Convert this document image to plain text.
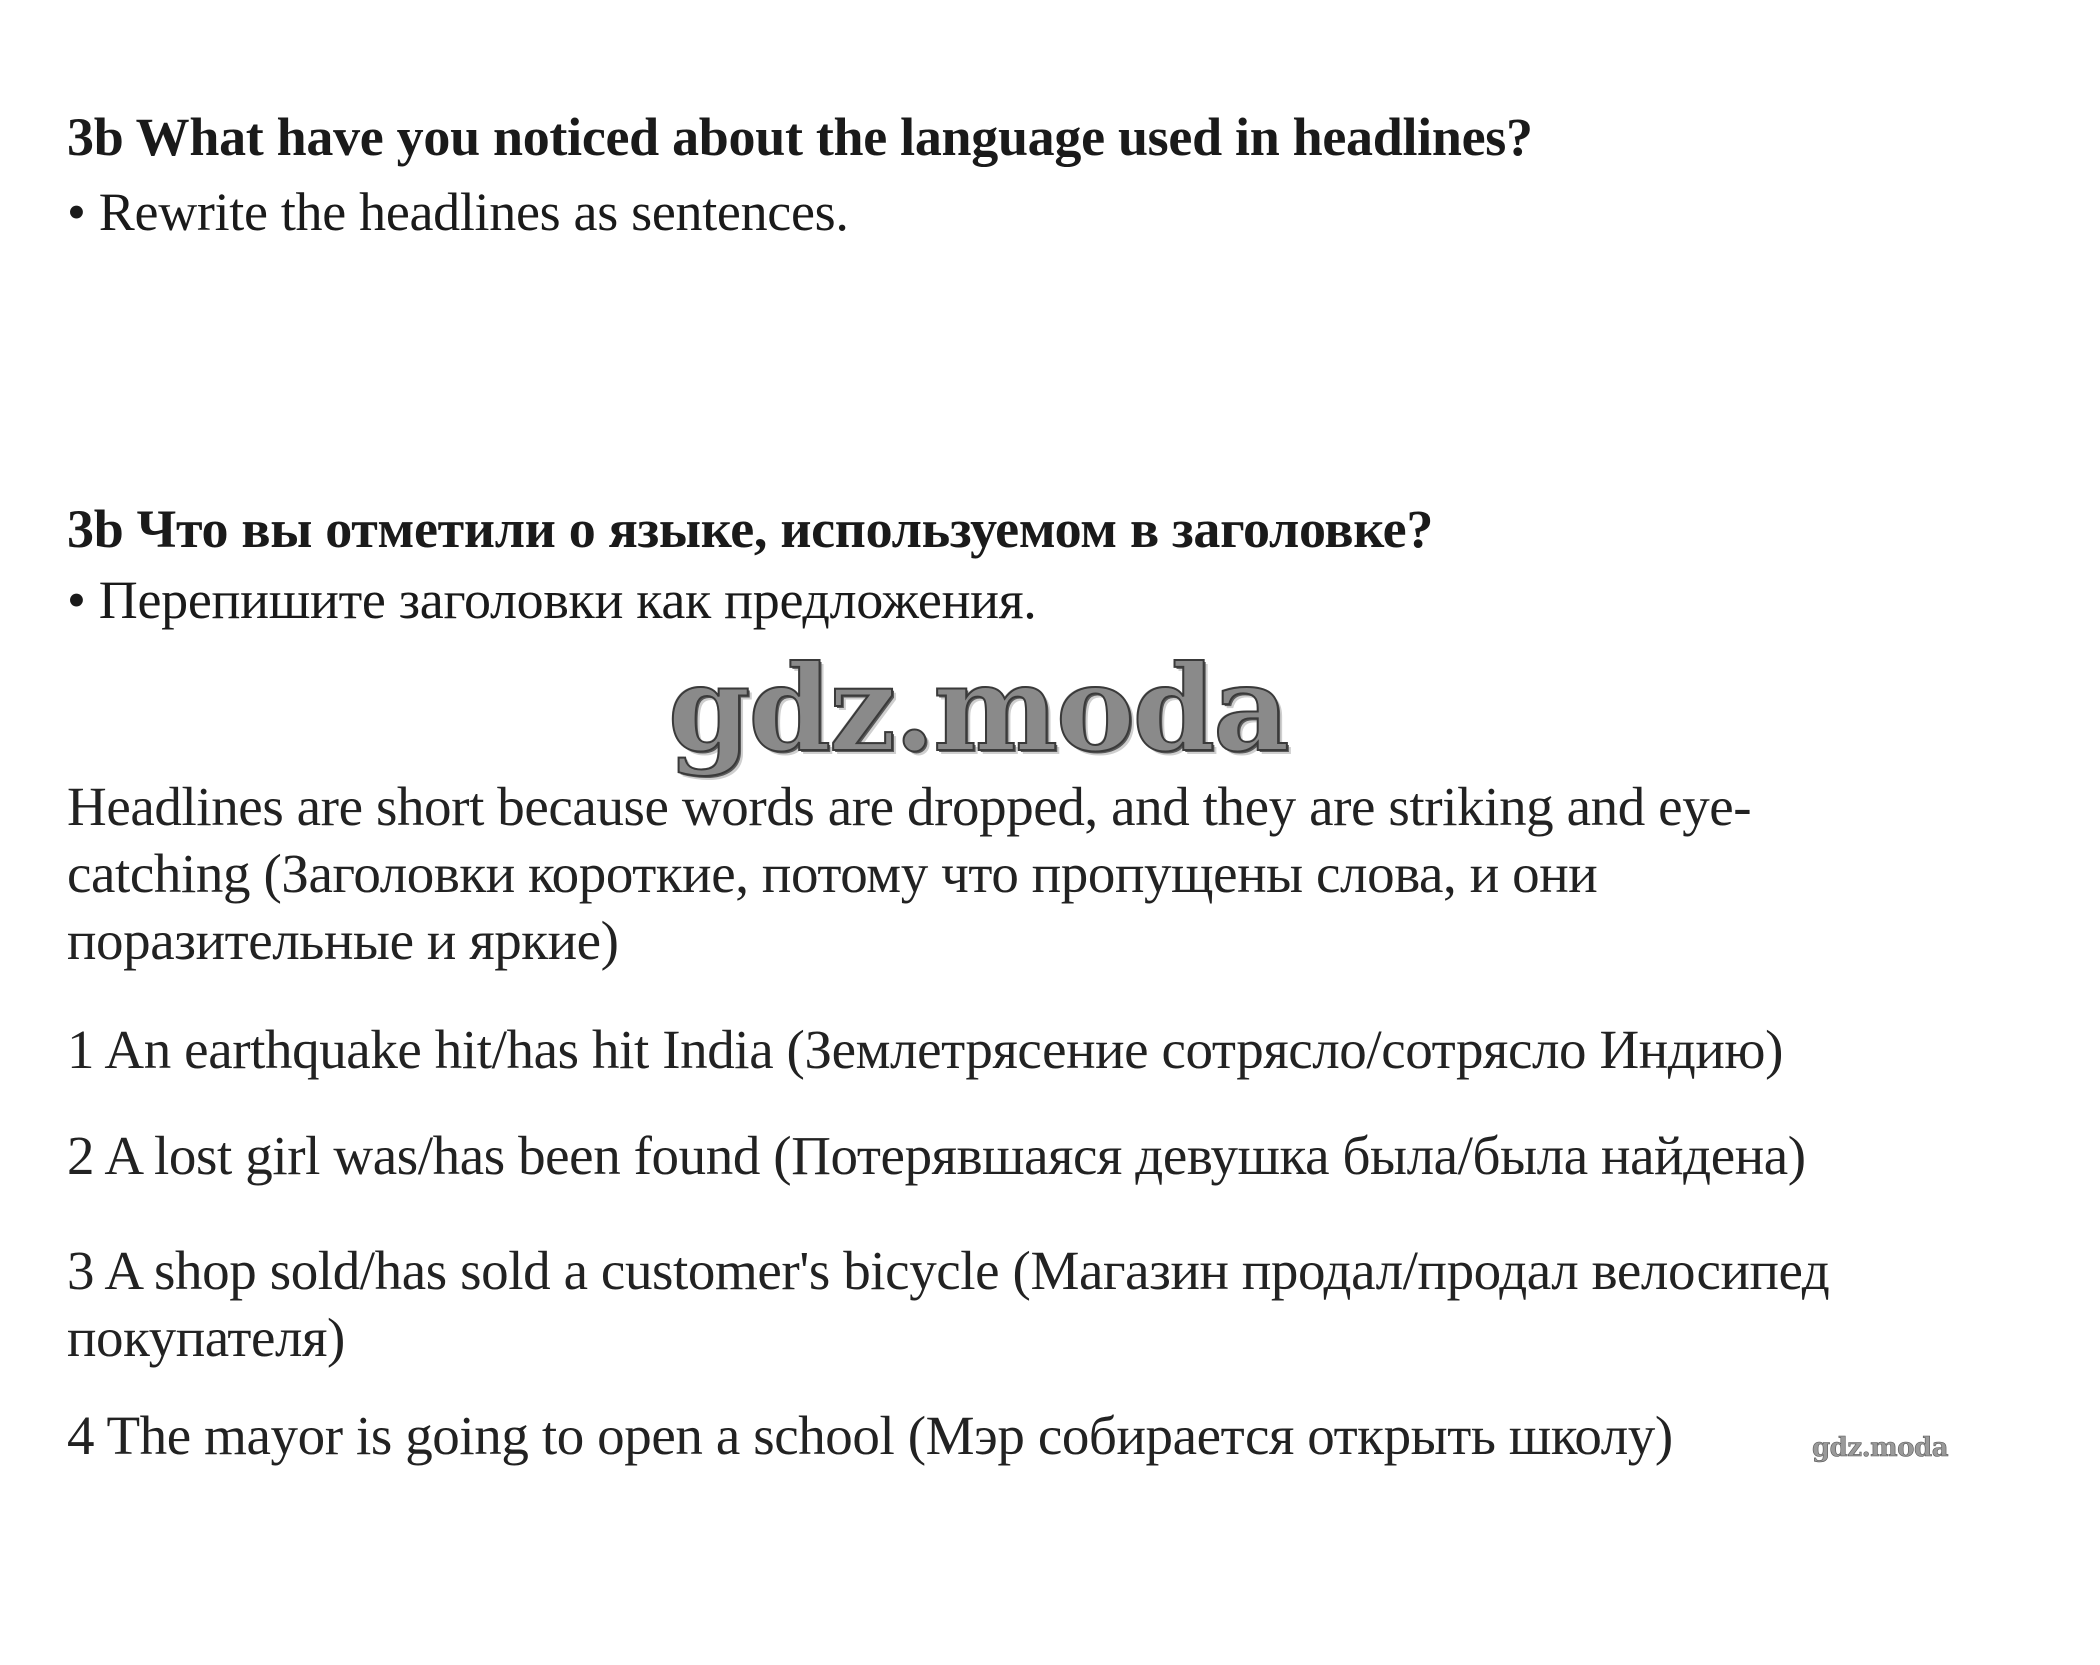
3b What have you noticed about the language used in headlines?

• Rewrite the headlines as sentences.

3b Что вы отметили о языке, используемом в заголовке?

• Перепишите заголовки как предложения.

gdz.moda

Headlines are short because words are dropped, and they are striking and eye-catching (Заголовки короткие, потому что пропущены слова, и они поразительные и яркие)

1 An earthquake hit/has hit India (Землетрясение сотрясло/сотрясло Индию)

2 A lost girl was/has been found (Потерявшаяся девушка была/была найдена)

3 A shop sold/has sold a customer's bicycle (Магазин продал/продал велосипед покупателя)

4 The mayor is going to open a school (Мэр собирается открыть школу)	gdz.moda
